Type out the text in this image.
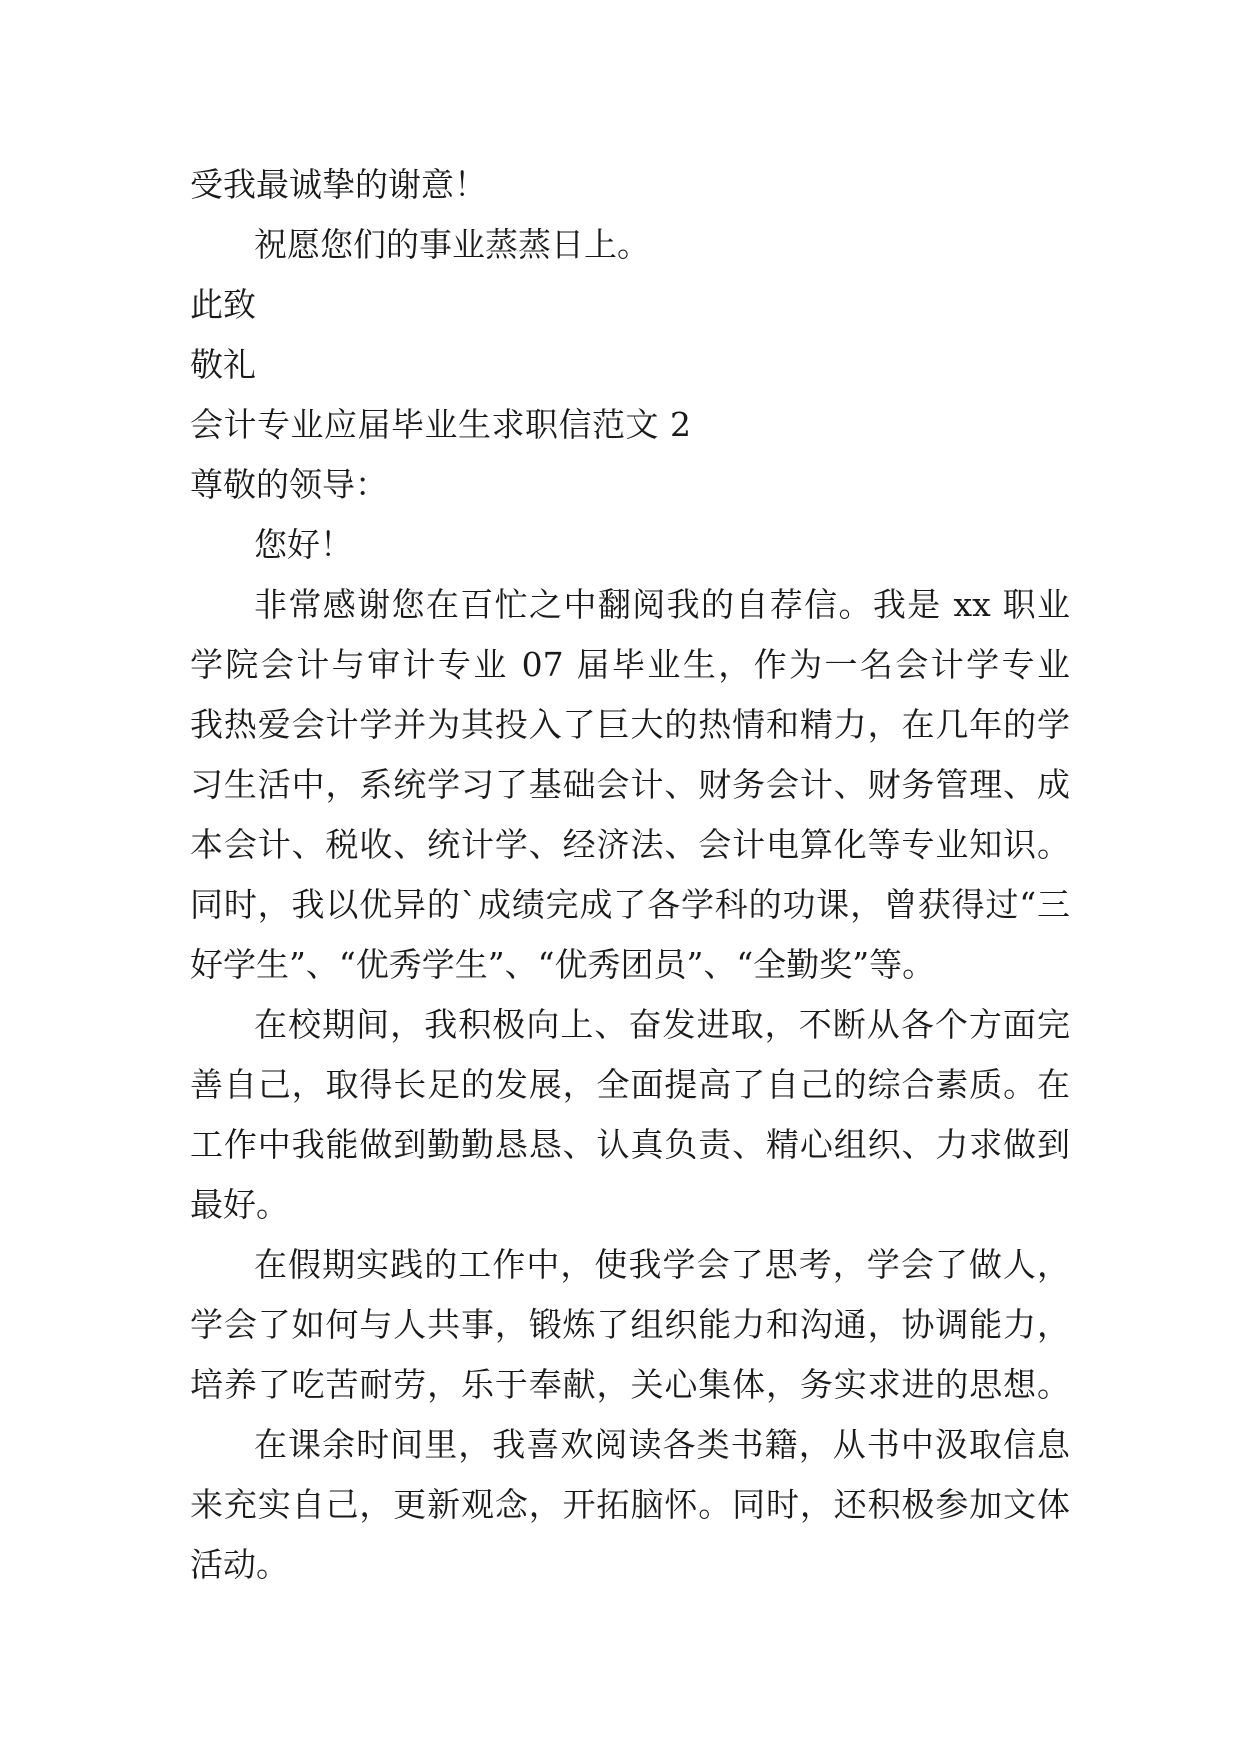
受我最诚挚的谢意！
祝愿您们的事业蒸蒸日上。
此致
敬礼
会计专业应届毕业生求职信范文 2
尊敬的领导：
您好！
非常感谢您在百忙之中翻阅我的自荐信。我是 xx 职业
学院会计与审计专业 07 届毕业生，作为一名会计学专业
我热爱会计学并为其投入了巨大的热情和精力，在几年的学
习生活中，系统学习了基础会计、财务会计、财务管理、成
本会计、税收、统计学、经济法、会计电算化等专业知识。
同时，我以优异的`成绩完成了各学科的功课，曾获得过“三
好学生”、“优秀学生”、“优秀团员”、“全勤奖”等。
在校期间，我积极向上、奋发进取，不断从各个方面完
善自己，取得长足的发展，全面提高了自己的综合素质。在
工作中我能做到勤勤恳恳、认真负责、精心组织、力求做到
最好。
在假期实践的工作中，使我学会了思考，学会了做人，
学会了如何与人共事，锻炼了组织能力和沟通，协调能力，
培养了吃苦耐劳，乐于奉献，关心集体，务实求进的思想。
在课余时间里，我喜欢阅读各类书籍，从书中汲取信息
来充实自己，更新观念，开拓脑怀。同时，还积极参加文体
活动。
